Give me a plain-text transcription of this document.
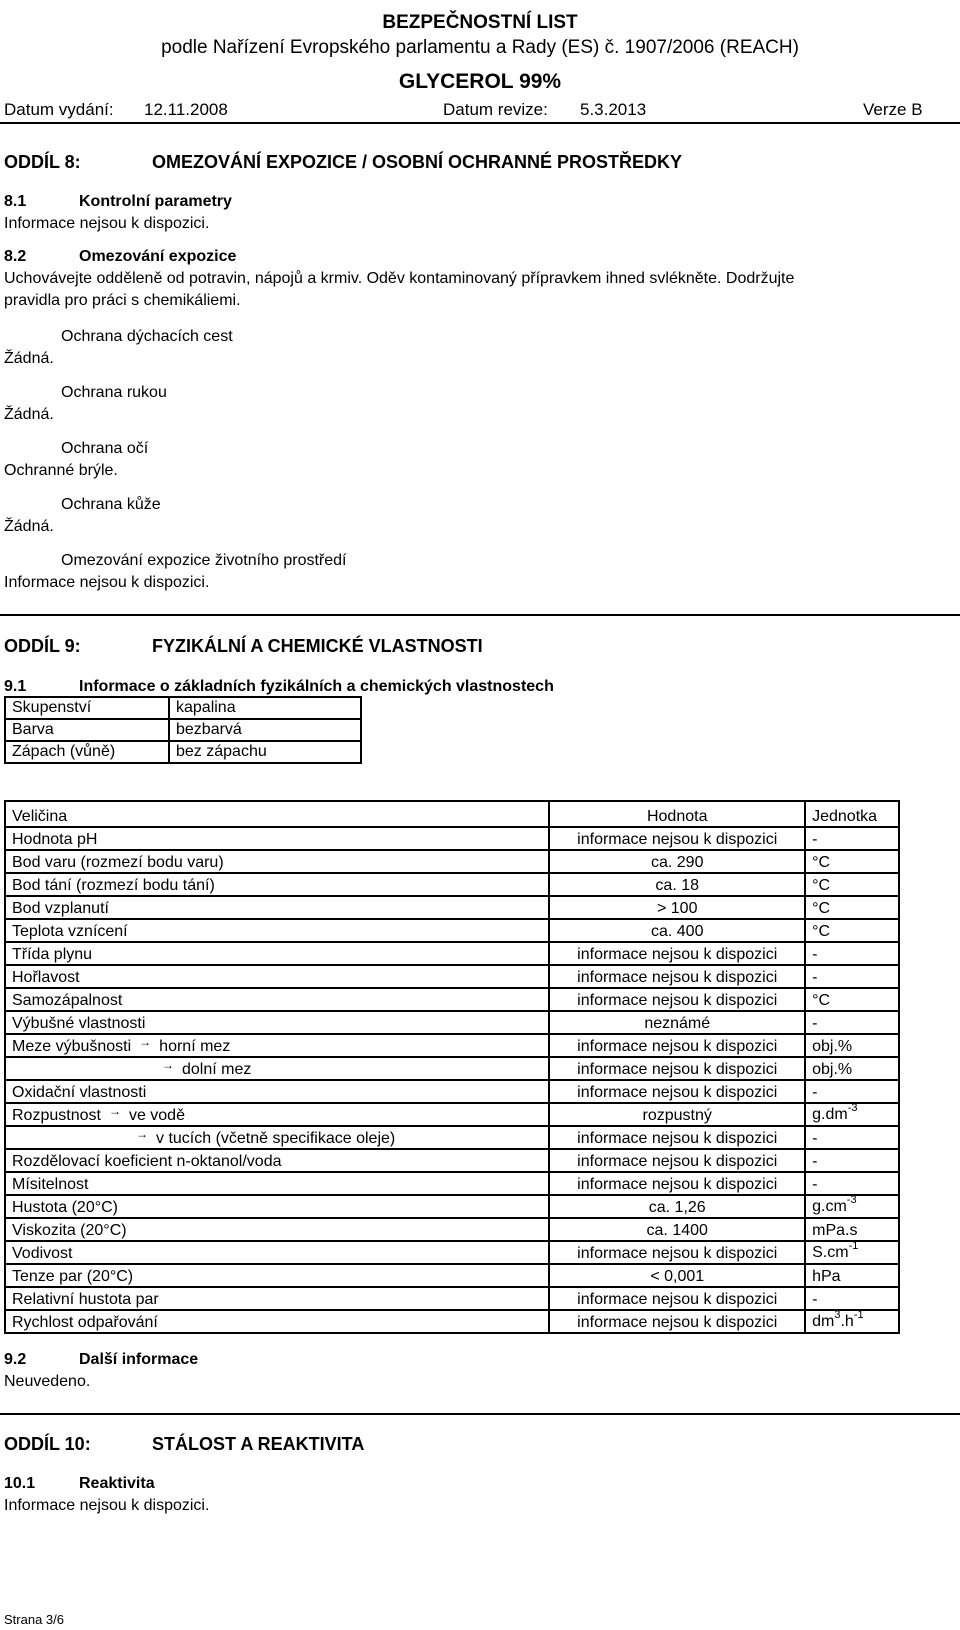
BEZPEČNOSTNÍ LIST
podle Nařízení Evropského parlamentu a Rady (ES) č. 1907/2006 (REACH)
GLYCEROL 99%
Datum vydání: 12.11.2008	Datum revize: 5.3.2013	Verze B
ODDÍL 8:	OMEZOVÁNÍ EXPOZICE / OSOBNÍ OCHRANNÉ PROSTŘEDKY
8.1	Kontrolní parametry
Informace nejsou k dispozici.
8.2	Omezování expozice
Uchovávejte odděleně od potravin, nápojů a krmiv. Oděv kontaminovaný přípravkem ihned svlékněte. Dodržujte
pravidla pro práci s chemikáliemi.
Ochrana dýchacích cest
Žádná.
Ochrana rukou
Žádná.
Ochrana očí
Ochranné brýle.
Ochrana kůže
Žádná.
Omezování expozice životního prostředí
Informace nejsou k dispozici.
ODDÍL 9:	FYZIKÁLNÍ A CHEMICKÉ VLASTNOSTI
9.1	Informace o základních fyzikálních a chemických vlastnostech
Skupenství	kapalina
Barva	bezbarvá
Zápach (vůně)	bez zápachu
Veličina	Hodnota	Jednotka
Hodnota pH	informace nejsou k dispozici	-
Bod varu (rozmezí bodu varu)	ca. 290	°C
Bod tání (rozmezí bodu tání)	ca. 18	°C
Bod vzplanutí	> 100	°C
Teplota vznícení	ca. 400	°C
Třída plynu	informace nejsou k dispozici	-
Hořlavost	informace nejsou k dispozici	-
Samozápalnost	informace nejsou k dispozici	°C
Výbušné vlastnosti	neznámé	-
Meze výbušnosti → horní mez	informace nejsou k dispozici	obj.%
→ dolní mez	informace nejsou k dispozici	obj.%
Oxidační vlastnosti	informace nejsou k dispozici	-
Rozpustnost → ve vodě	rozpustný	$g.dm^{-3}$
→ v tucích (včetně specifikace oleje)	informace nejsou k dispozici	-
Rozdělovací koeficient n-oktanol/voda	informace nejsou k dispozici	-
Mísitelnost	informace nejsou k dispozici	-
Hustota (20°C)	ca. 1,26	$g.cm^{-3}$
Viskozita (20°C)	ca. 1400	mPa.s
Vodivost	informace nejsou k dispozici	$S.cm^{-1}$
Tenze par (20°C)	< 0,001	hPa
Relativní hustota par	informace nejsou k dispozici	-
Rychlost odpařování	informace nejsou k dispozici	$dm^3.h^{-1}$
9.2	Další informace
Neuvedeno.
ODDÍL 10:	STÁLOST A REAKTIVITA
10.1	Reaktivita
Informace nejsou k dispozici.
Strana 3/6
